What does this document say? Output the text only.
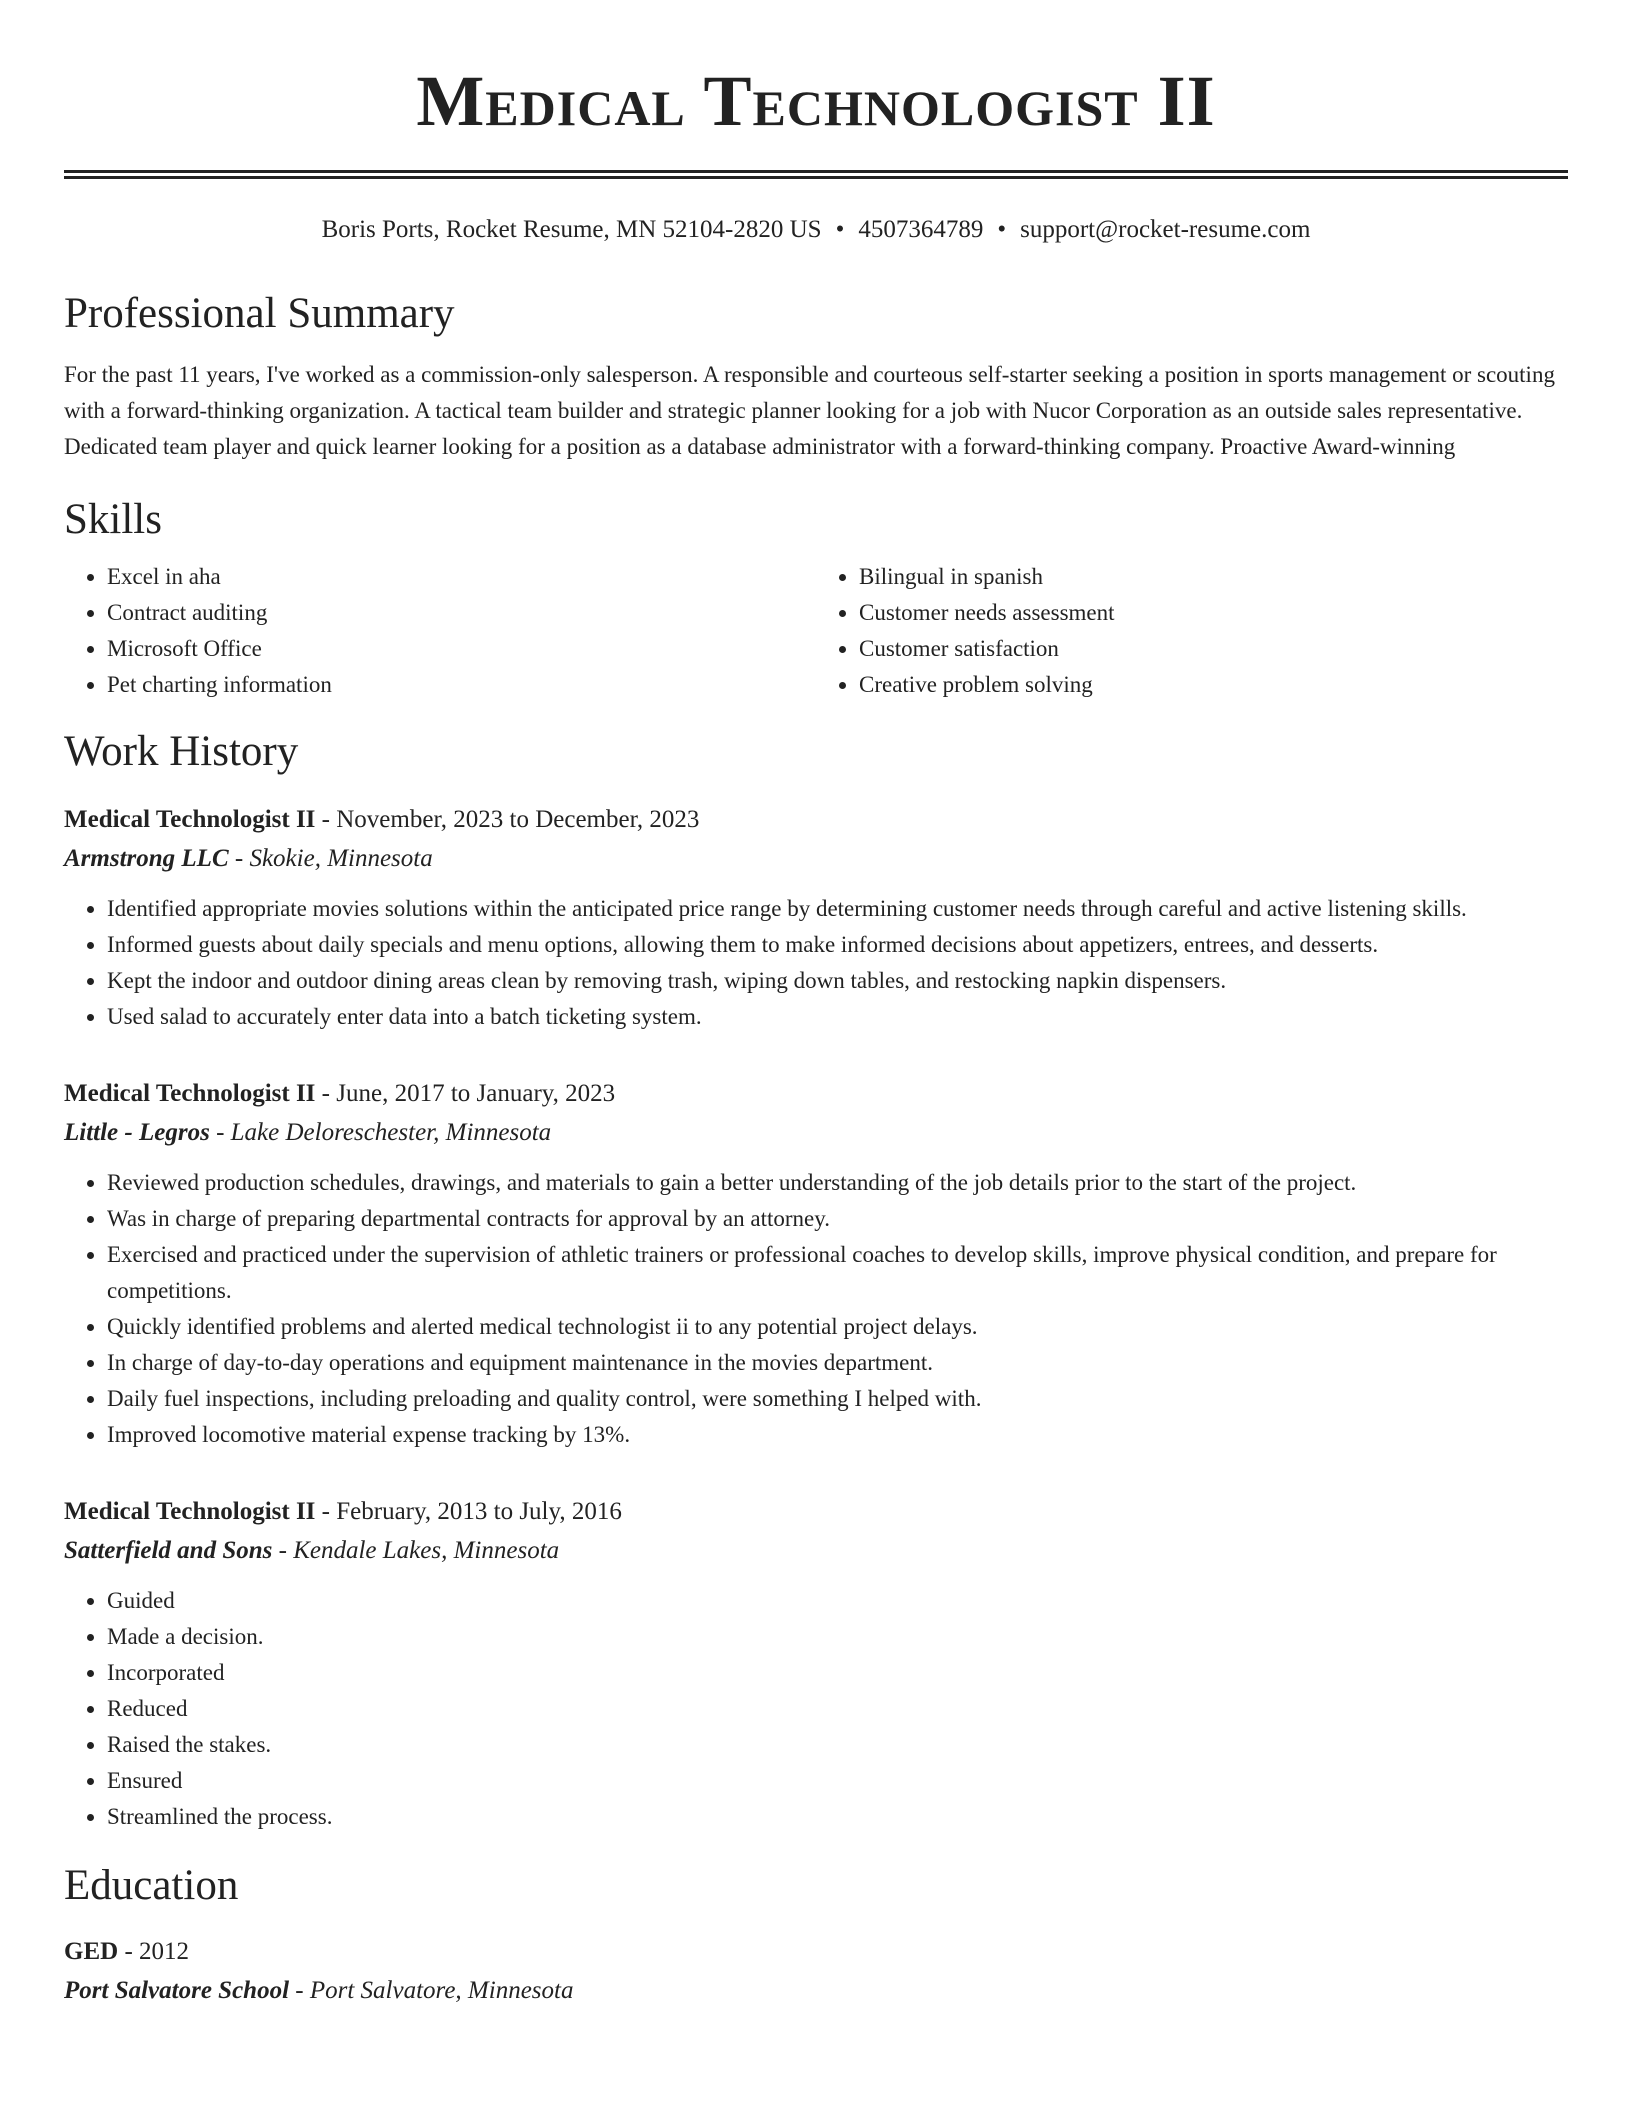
Medical Technologist II
Boris Ports, Rocket Resume, MN 52104-2820 US • 4507364789 • support@rocket-resume.com
Professional Summary

For the past 11 years, I've worked as a commission-only salesperson. A responsible and courteous self-starter seeking a position in sports management or scouting with a forward-thinking organization. A tactical team builder and strategic planner looking for a job with Nucor Corporation as an outside sales representative. Dedicated team player and quick learner looking for a position as a database administrator with a forward-thinking company. Proactive Award-winning

Skills
• Excel in aha
• Contract auditing
• Microsoft Office
• Pet charting information
• Bilingual in spanish
• Customer needs assessment
• Customer satisfaction
• Creative problem solving
Work History
Medical Technologist II - November, 2023 to December, 2023
Armstrong LLC - Skokie, Minnesota
• Identified appropriate movies solutions within the anticipated price range by determining customer needs through careful and active listening skills.
• Informed guests about daily specials and menu options, allowing them to make informed decisions about appetizers, entrees, and desserts.
• Kept the indoor and outdoor dining areas clean by removing trash, wiping down tables, and restocking napkin dispensers.
• Used salad to accurately enter data into a batch ticketing system.
Medical Technologist II - June, 2017 to January, 2023
Little - Legros - Lake Deloreschester, Minnesota
• Reviewed production schedules, drawings, and materials to gain a better understanding of the job details prior to the start of the project.
• Was in charge of preparing departmental contracts for approval by an attorney.
• Exercised and practiced under the supervision of athletic trainers or professional coaches to develop skills, improve physical condition, and prepare for competitions.
• Quickly identified problems and alerted medical technologist ii to any potential project delays.
• In charge of day-to-day operations and equipment maintenance in the movies department.
• Daily fuel inspections, including preloading and quality control, were something I helped with.
• Improved locomotive material expense tracking by 13%.
Medical Technologist II - February, 2013 to July, 2016
Satterfield and Sons - Kendale Lakes, Minnesota
• Guided
• Made a decision.
• Incorporated
• Reduced
• Raised the stakes.
• Ensured
• Streamlined the process.
Education
GED - 2012
Port Salvatore School - Port Salvatore, Minnesota
